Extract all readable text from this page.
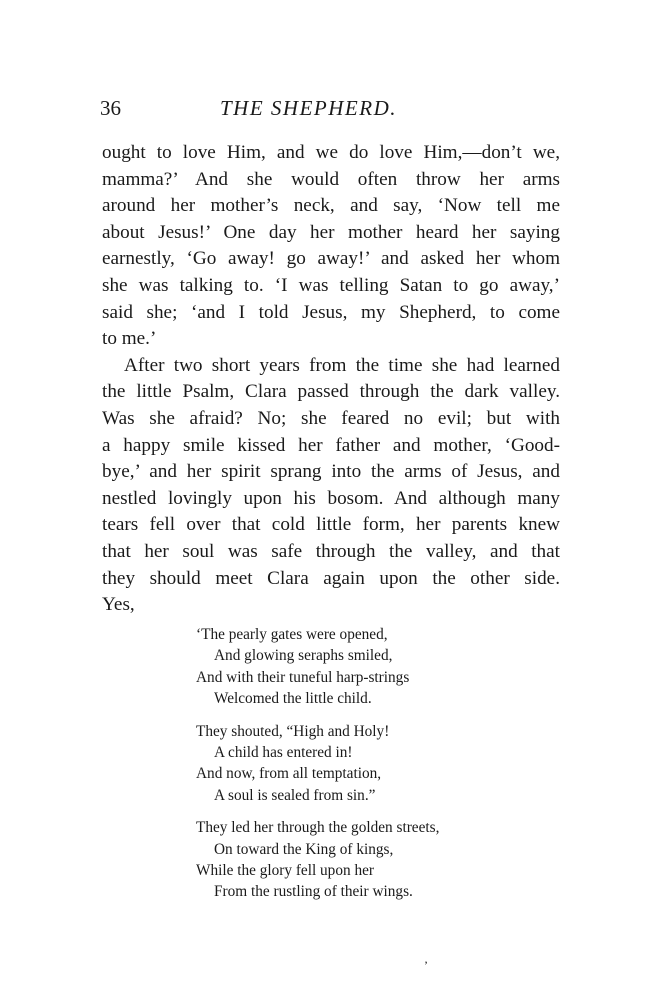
36	THE SHEPHERD.
ought to love Him, and we do love Him,—don’t we,
mamma?’ And she would often throw her arms
around her mother’s neck, and say, ‘Now tell me
about Jesus!’ One day her mother heard her saying
earnestly, ‘Go away! go away!’ and asked her whom
she was talking to. ‘I was telling Satan to go away,’
said she; ‘and I told Jesus, my Shepherd, to come
to me.’
After two short years from the time she had learned
the little Psalm, Clara passed through the dark valley.
Was she afraid? No; she feared no evil; but with
a happy smile kissed her father and mother, ‘Good-
bye,’ and her spirit sprang into the arms of Jesus, and
nestled lovingly upon his bosom. And although many
tears fell over that cold little form, her parents knew
that her soul was safe through the valley, and that
they should meet Clara again upon the other side.
Yes,
‘The pearly gates were opened,
And glowing seraphs smiled,
And with their tuneful harp-strings
Welcomed the little child.
They shouted, “High and Holy!
A child has entered in!
And now, from all temptation,
A soul is sealed from sin.”
They led her through the golden streets,
On toward the King of kings,
While the glory fell upon her
From the rustling of their wings.
’
